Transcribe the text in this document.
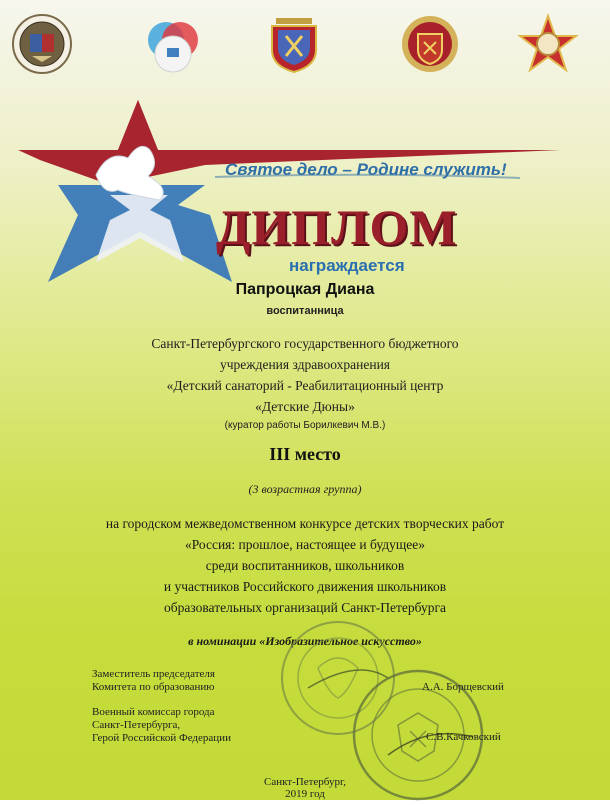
Святое дело – Родине служить!
ДИПЛОМ
награждается
Папроцкая Диана
воспитанница
Санкт-Петербургского государственного бюджетного
учреждения здравоохранения
«Детский санаторий - Реабилитационный центр
«Детские Дюны»
(куратор работы Борилкевич М.В.)
III место
(3 возрастная группа)
на городском межведомственном конкурсе детских творческих работ
«Россия: прошлое, настоящее и будущее»
среди воспитанников, школьников
и участников Российского движения школьников
образовательных организаций Санкт-Петербурга
в номинации «Изобразительное искусство»
Заместитель председателя
Комитета по образованию	А.А. Борщевский
Военный комиссар города
Санкт-Петербурга,
Герой Российской Федерации	С.В.Качковский
Санкт-Петербург,
2019 год
